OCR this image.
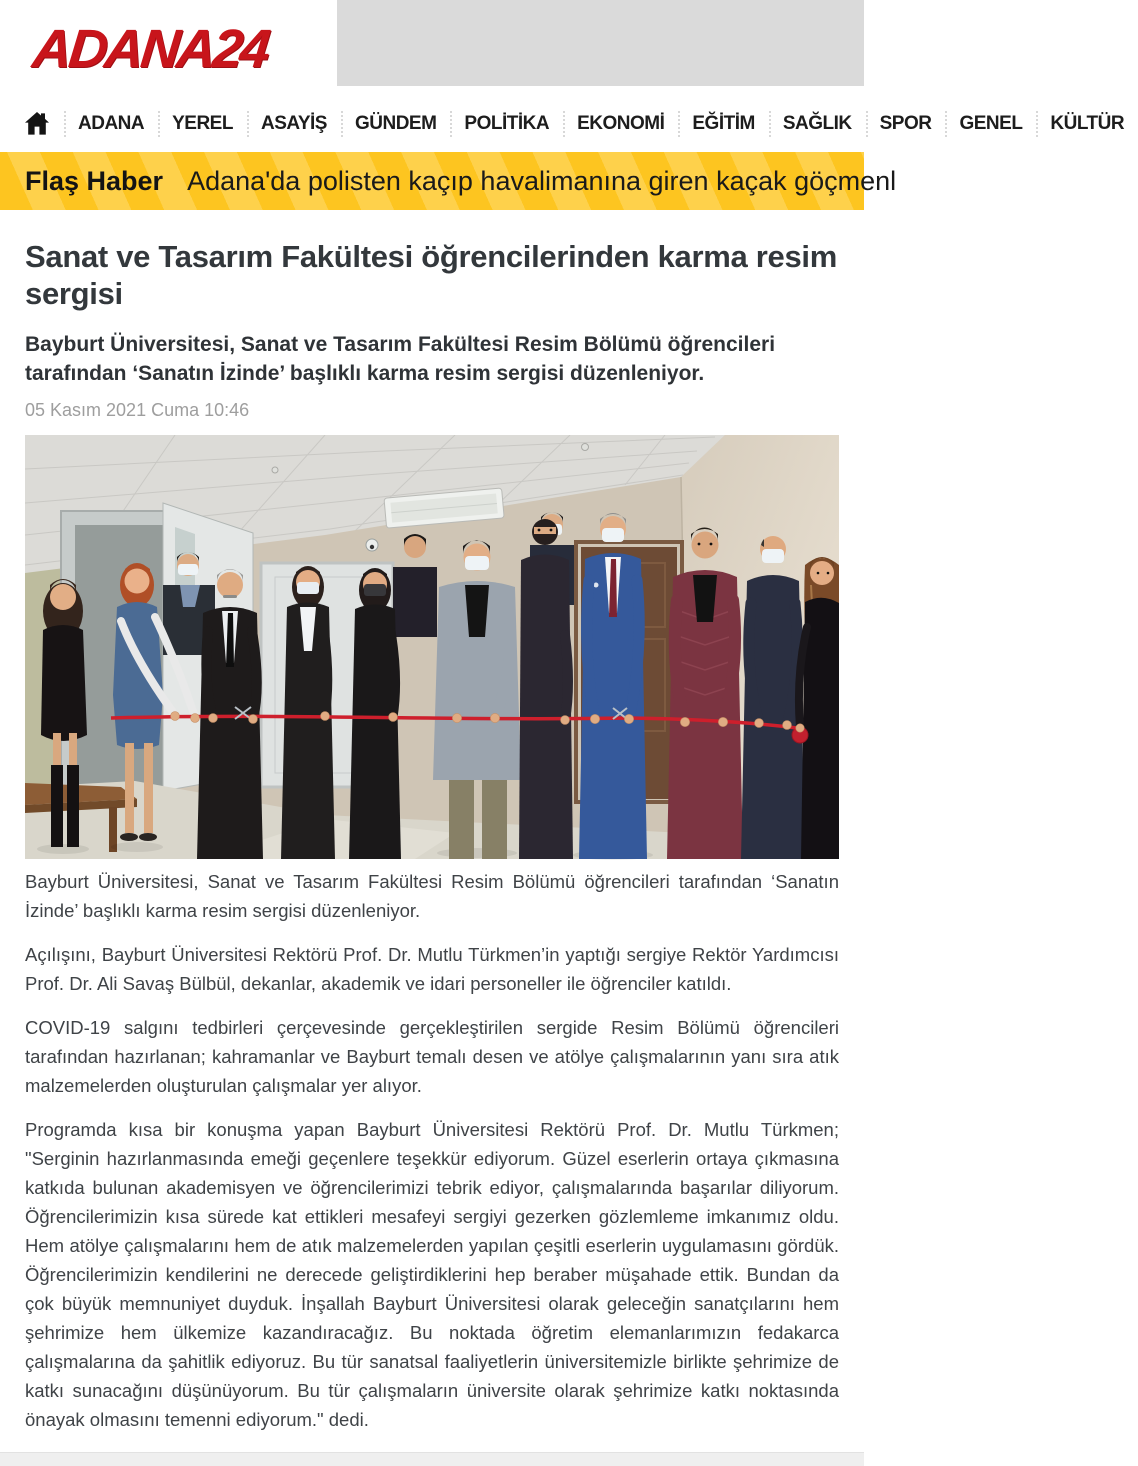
ADANA24
ADANA	YEREL	ASAYİŞ	GÜNDEM	POLİTİKA	EKONOMİ	EĞİTİM	SAĞLIK	SPOR	GENEL	KÜLTÜR
Flaş Haber Adana'da polisten kaçıp havalimanına giren kaçak göçmenl
Sanat ve Tasarım Fakültesi öğrencilerinden karma resim sergisi

Bayburt Üniversitesi, Sanat ve Tasarım Fakültesi Resim Bölümü öğrencileri tarafından ‘Sanatın İzinde’ başlıklı karma resim sergisi düzenleniyor.

05 Kasım 2021 Cuma 10:46

Bayburt Üniversitesi, Sanat ve Tasarım Fakültesi Resim Bölümü öğrencileri tarafından ‘Sanatın İzinde’ başlıklı karma resim sergisi düzenleniyor.

Açılışını, Bayburt Üniversitesi Rektörü Prof. Dr. Mutlu Türkmen’in yaptığı sergiye Rektör Yardımcısı Prof. Dr. Ali Savaş Bülbül, dekanlar, akademik ve idari personeller ile öğrenciler katıldı.

COVID-19 salgını tedbirleri çerçevesinde gerçekleştirilen sergide Resim Bölümü öğrencileri tarafından hazırlanan; kahramanlar ve Bayburt temalı desen ve atölye çalışmalarının yanı sıra atık malzemelerden oluşturulan çalışmalar yer alıyor.

Programda kısa bir konuşma yapan Bayburt Üniversitesi Rektörü Prof. Dr. Mutlu Türkmen; "Serginin hazırlanmasında emeği geçenlere teşekkür ediyorum. Güzel eserlerin ortaya çıkmasına katkıda bulunan akademisyen ve öğrencilerimizi tebrik ediyor, çalışmalarında başarılar diliyorum. Öğrencilerimizin kısa sürede kat ettikleri mesafeyi sergiyi gezerken gözlemleme imkanımız oldu. Hem atölye çalışmalarını hem de atık malzemelerden yapılan çeşitli eserlerin uygulamasını gördük. Öğrencilerimizin kendilerini ne derecede geliştirdiklerini hep beraber müşahade ettik. Bundan da çok büyük memnuniyet duyduk. İnşallah Bayburt Üniversitesi olarak geleceğin sanatçılarını hem şehrimize hem ülkemize kazandıracağız. Bu noktada öğretim elemanlarımızın fedakarca çalışmalarına da şahitlik ediyoruz. Bu tür sanatsal faaliyetlerin üniversitemizle birlikte şehrimize de katkı sunacağını düşünüyorum. Bu tür çalışmaların üniversite olarak şehrimize katkı noktasında önayak olmasını temenni ediyorum." dedi.
